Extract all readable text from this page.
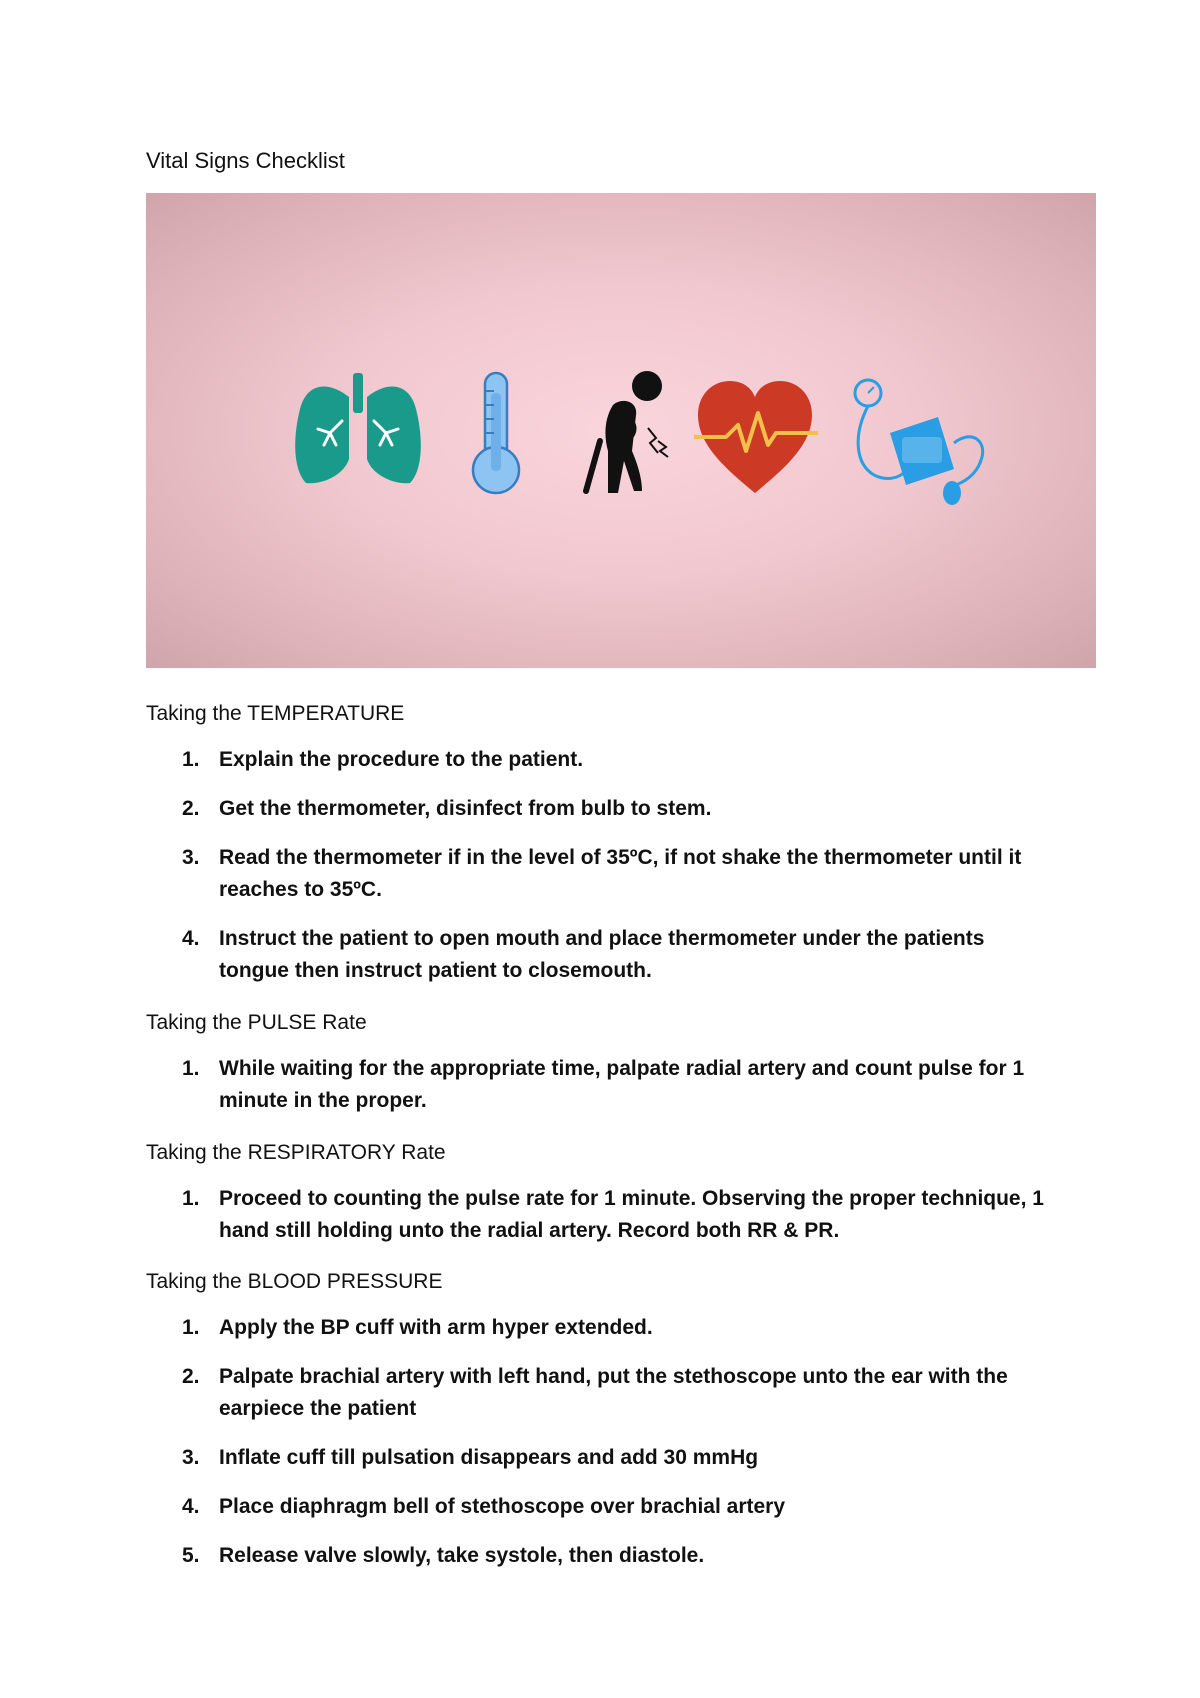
Vital Signs Checklist
Taking the TEMPERATURE
1. Explain the procedure to the patient.
2. Get the thermometer, disinfect from bulb to stem.
3. Read the thermometer if in the level of 35ºC, if not shake the thermometer until it
reaches to 35ºC.
4. Instruct the patient to open mouth and place thermometer under the patients
tongue then instruct patient to closemouth.
Taking the PULSE Rate
1. While waiting for the appropriate time, palpate radial artery and count pulse for 1
minute in the proper.
Taking the RESPIRATORY Rate
1. Proceed to counting the pulse rate for 1 minute. Observing the proper technique, 1
hand still holding unto the radial artery. Record both RR & PR.
Taking the BLOOD PRESSURE
1. Apply the BP cuff with arm hyper extended.
2. Palpate brachial artery with left hand, put the stethoscope unto the ear with the
earpiece the patient
3. Inflate cuff till pulsation disappears and add 30 mmHg
4. Place diaphragm bell of stethoscope over brachial artery
5. Release valve slowly, take systole, then diastole.
